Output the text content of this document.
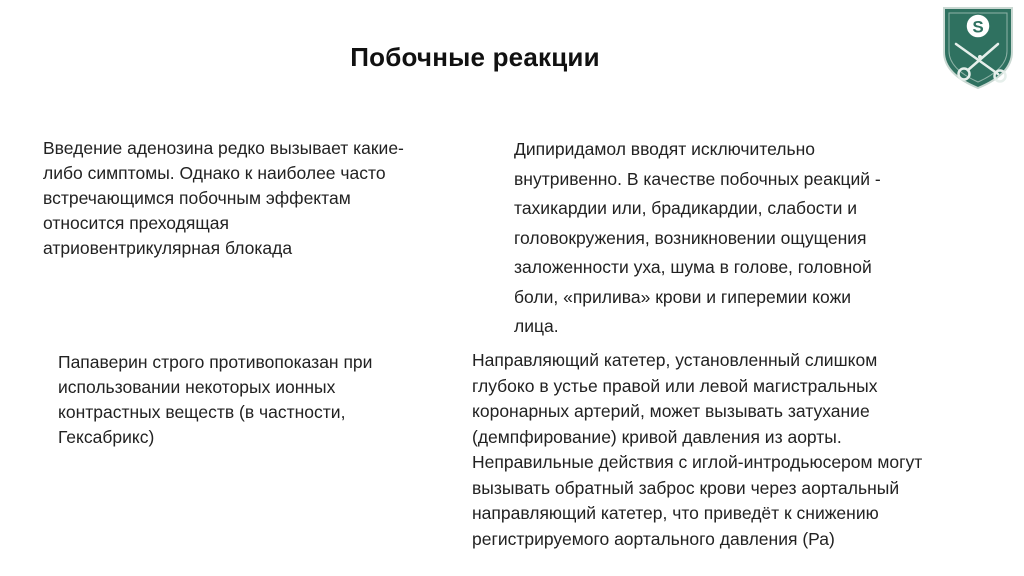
Побочные реакции
Введение аденозина редко вызывает какие-
либо симптомы. Однако к наиболее часто
встречающимся побочным эффектам
относится преходящая
атриовентрикулярная блокада
Дипиридамол вводят исключительно
внутривенно. В качестве побочных реакций -
тахикардии или, брадикардии, слабости и
головокружения, возникновении ощущения
заложенности уха, шума в голове, головной
боли, «прилива» крови и гиперемии кожи
лица.
Папаверин строго противопоказан при
использовании некоторых ионных
контрастных веществ (в частности,
Гексабрикс)
Направляющий катетер, установленный слишком
глубоко в устье правой или левой магистральных
коронарных артерий, может вызывать затухание
(демпфирование) кривой давления из аорты.
Неправильные действия с иглой-интродьюсером могут
вызывать обратный заброс крови через аортальный
направляющий катетер, что приведёт к снижению
регистрируемого аортального давления (Ра)
S
